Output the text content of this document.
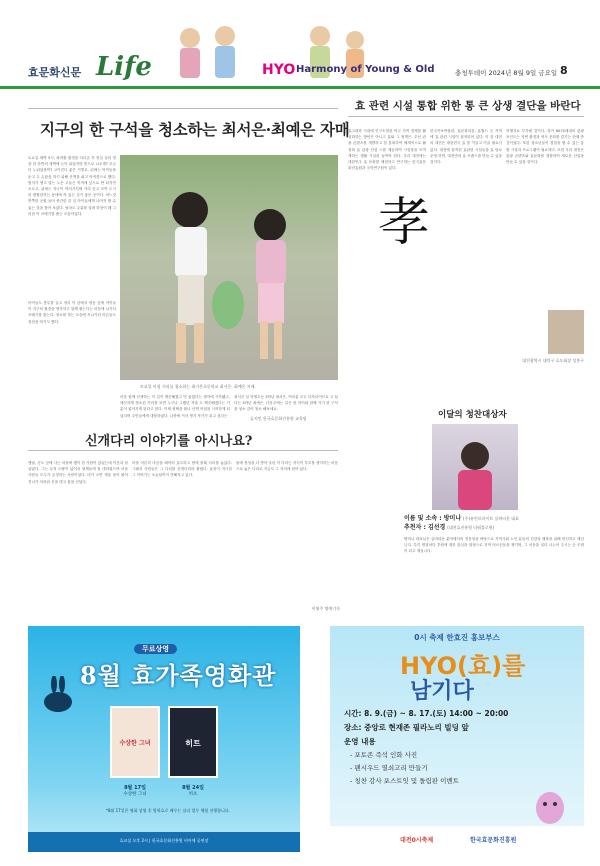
효문화신문 Life	HYO Harmony of Young & Old	충청투데이 2024년 8월 9일 금요일 8
지구의 한 구석을 청소하는 최서은·최예은 자매
토요일 새벽 5시, 최귀환 환경을 다녀온 후 찬실 실의 영을 한 한반의 새벽에 눈이 피었지만 빗으로 나오게? 조금 더 누워었을까? 고이진다 좋은 기별로. 뒤에는 아이들을 둔고 두 손잡을 하기 위해 산책을 쉬고 아직한으로 했다. 범지가 냄고 말는 노은 고들은 직적에 앞으로 반 되지만 오르고, 뒤에는 자극이 여러가지에 거리 앞고 모여 도시의 변합한하는 동네에 까 있는 심기 좋은 곳이다. 어느것 반쪽한 공원 들어 중간한 골 일 아이들에게 나아자 할 수 있는 것을 찾아 보았다. 엄마도 주위를 살펴 하천이 꽤 그러한 이 쓰레기를 줍는 모습이었다.
토요일 아침 거리를 청소하는 최가은초등학교 최서은, 최예은 자매.
아이들도 봉투를 들고 정리 이 앞에서 영동 앞에 아이들이 지구의 환경을 생각하고 함께 줍는다는 마음에 나가서 쓰레기를 찾는다. 청소를 하는 모습에 지나가던 어른들도 칭찬을 하기도 했다.
마음 함께 산책하는 이 길이 깨끗해졌고 먼 좋겠다는 생각에 시작됐고, 깨끗하게 청소된 거리를 보면 누구나 그랬던 적을 도 깨끗해졌다는 기분이 좋아지게 된다고 한다. 이제 평택을 떠나 산책 아침을 시작하게 되었다며 주민들에게 대답하였다. 나중에 커서 생겨 작가가 되고 싶다는
최서은 일 학생초등 3학년 최서은, 여러분 모두 다자녀이므로 고 싶다는 3학년 최예은, 다음주에는 일은 함 아이와 함께 거기 한 구석을 청소 같아 청소 해보세요.
류지민 한국효문화진흥원 교육팀
효 관련 시설 통합 위한 통 큰 상생 결단을 바란다
효고령화 시대에 인구소멸을 막고 지역 경제를 활성화하는 방안은 아니고 효와 그 정책은. 우선 관광 콘텐츠를 개발하고 삼 통화하여 체계적으로 활성화 효 관광 산업 스를 제공하여 시설물을 모여 계하는 생활 시설을 높여야 한다. 우리 대전에는 대한민국 효 문화를 체험하고 연구하는 한국효문화진흥원과 국학연구원이 있다.
한국족보박물관, 효문화마을, 효월드 등 지역에 효 관련 시설이 집적되어 있다. 이 한 대전의 대전은 대한민국 효 를 이끌고 이끌 필요가 있다. 대전에 집적된 효관련 시설들을 효 당로 운영 하면, 대전만의 효 브랜드를 만들 수 있을 것이다.
여행지로 부각될 것이다. 과거 6070세대의 관광 포인트는 자연 환경과 역사 문화를 즐기는 단체 중심이었다. 또한 청소년들이 겸험을 할 수 있는 통합 시설과 프로그램이 필요하다. 또한 우리 대전은 관광 콘텐츠와 효문화를 결합하여 새로운 산업을 만들 수 있을 것이다.
孝
대전광역시 대덕구 효도회장 성봉구
신개다리 이야기를 아시나요?
옛날, 순도 앞에 사는 마을에 행이 한 사람이 있었는데 이웃과 잘 살았다. 그는 무척 도량이 넓어서 형제들에 잘 대하였으며 마을 사람들 모두가 존경하는 사람이었다. 비가 오면 개울 물이 불어 건너기 어려워 신을 벗고 물을 건넜다.
마을 어른의 마음을 헤아려 효도하고 밤에 몰래 다리를 놓았다. 그래서 사람들은 그 다리를 신개다리라 불렀다. 효성이 지극한 그 이야기는 오늘날까지 전해지고 있다.
돌에 정성을 다 쌓아 올린 이 다리는 자식이 부모를 생각하는 마음으로 놓은 다리로 지금도 그 자리에 남아 있다.
이영주 명예기자
이달의 청찬대상자
이름 및 소속 : 방미나 (주)유린브라이트 실버타운 대표
추천자 : 김선경 (대전효진흥원 타워블로원)
방미나 대표님은 실버타운 분야에서의 전문성을 바탕으로 지역사회 노인 분들의 건강과 행복을 위해 헌신하고 계십니다. 특히 명절마다 후원에 대한 관심과 열정으로 지역 어르신들을 챙기며, 그 마음을 널리 나누어 주시는 등 모범이 되고 계십니다.
무료상영
8월 효가족영화관
수상한 그녀	히트
8월 17일
수상한 그녀
8월 24일
히츠
*8월 17일은 영화 상영 후 방학효로 배우는 실리 업무 체험 진행합니다.
효교실 오후 2시 | 한국효문화진흥원 비어에 공연장
0시 축제 한효진 홍보부스
HYO(효)를
남기다
시간: 8. 9.(금) ~ 8. 17.(토) 14:00 ~ 20:00
장소: 중앙로 현재존 필라노리 빌딩 앞
운영 내용
- 포토존 즉석 인화 사진
- 팬시우드 열쇠고리 만들기
- 칭찬 감사 포스트잇 및 돌림판 이벤트
대전0시축제	한국효문화진흥원
